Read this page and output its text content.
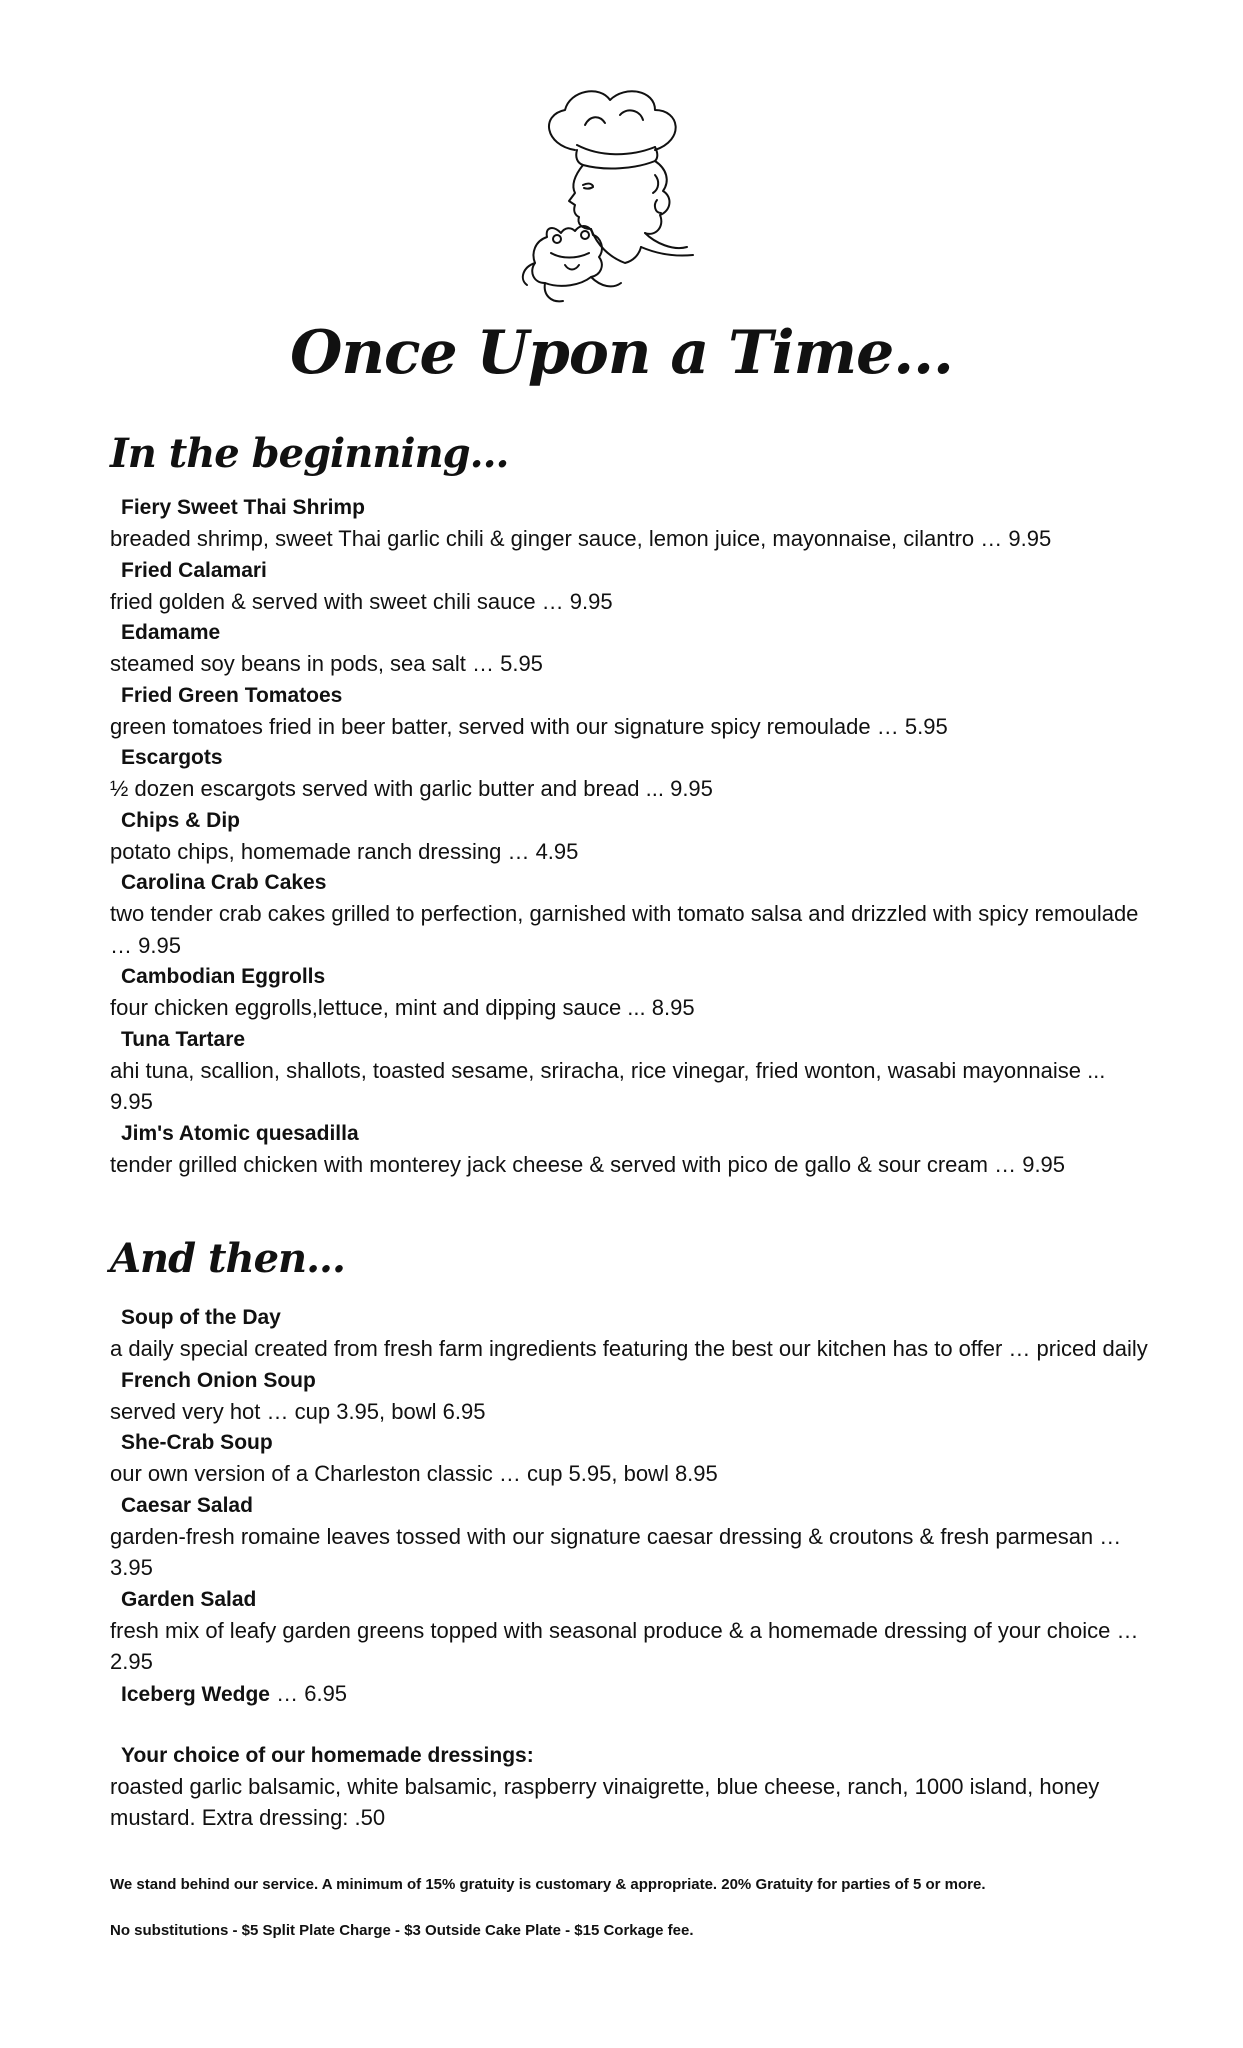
Once Upon a Time...
In the beginning...
Fiery Sweet Thai Shrimp
breaded shrimp, sweet Thai garlic chili & ginger sauce, lemon juice, mayonnaise, cilantro … 9.95
Fried Calamari
fried golden & served with sweet chili sauce … 9.95
Edamame
steamed soy beans in pods, sea salt … 5.95
Fried Green Tomatoes
green tomatoes fried in beer batter, served with our signature spicy remoulade … 5.95
Escargots
½ dozen escargots served with garlic butter and bread ... 9.95
Chips & Dip
potato chips, homemade ranch dressing … 4.95
Carolina Crab Cakes
two tender crab cakes grilled to perfection, garnished with tomato salsa and drizzled with spicy remoulade … 9.95
Cambodian Eggrolls
four chicken eggrolls,lettuce, mint and dipping sauce ... 8.95
Tuna Tartare
ahi tuna, scallion, shallots, toasted sesame, sriracha, rice vinegar, fried wonton, wasabi mayonnaise ... 9.95
Jim's Atomic quesadilla
tender grilled chicken with monterey jack cheese & served with pico de gallo & sour cream … 9.95
And then...
Soup of the Day
a daily special created from fresh farm ingredients featuring the best our kitchen has to offer … priced daily
French Onion Soup
served very hot … cup 3.95, bowl 6.95
She-Crab Soup
our own version of a Charleston classic … cup 5.95, bowl 8.95
Caesar Salad
garden-fresh romaine leaves tossed with our signature caesar dressing & croutons & fresh parmesan … 3.95
Garden Salad
fresh mix of leafy garden greens topped with seasonal produce & a homemade dressing of your choice … 2.95
Iceberg Wedge … 6.95
Your choice of our homemade dressings:
roasted garlic balsamic, white balsamic, raspberry vinaigrette, blue cheese, ranch, 1000 island, honey mustard. Extra dressing: .50
We stand behind our service. A minimum of 15% gratuity is customary & appropriate. 20% Gratuity for parties of 5 or more.
No substitutions - $5 Split Plate Charge - $3 Outside Cake Plate - $15 Corkage fee.
